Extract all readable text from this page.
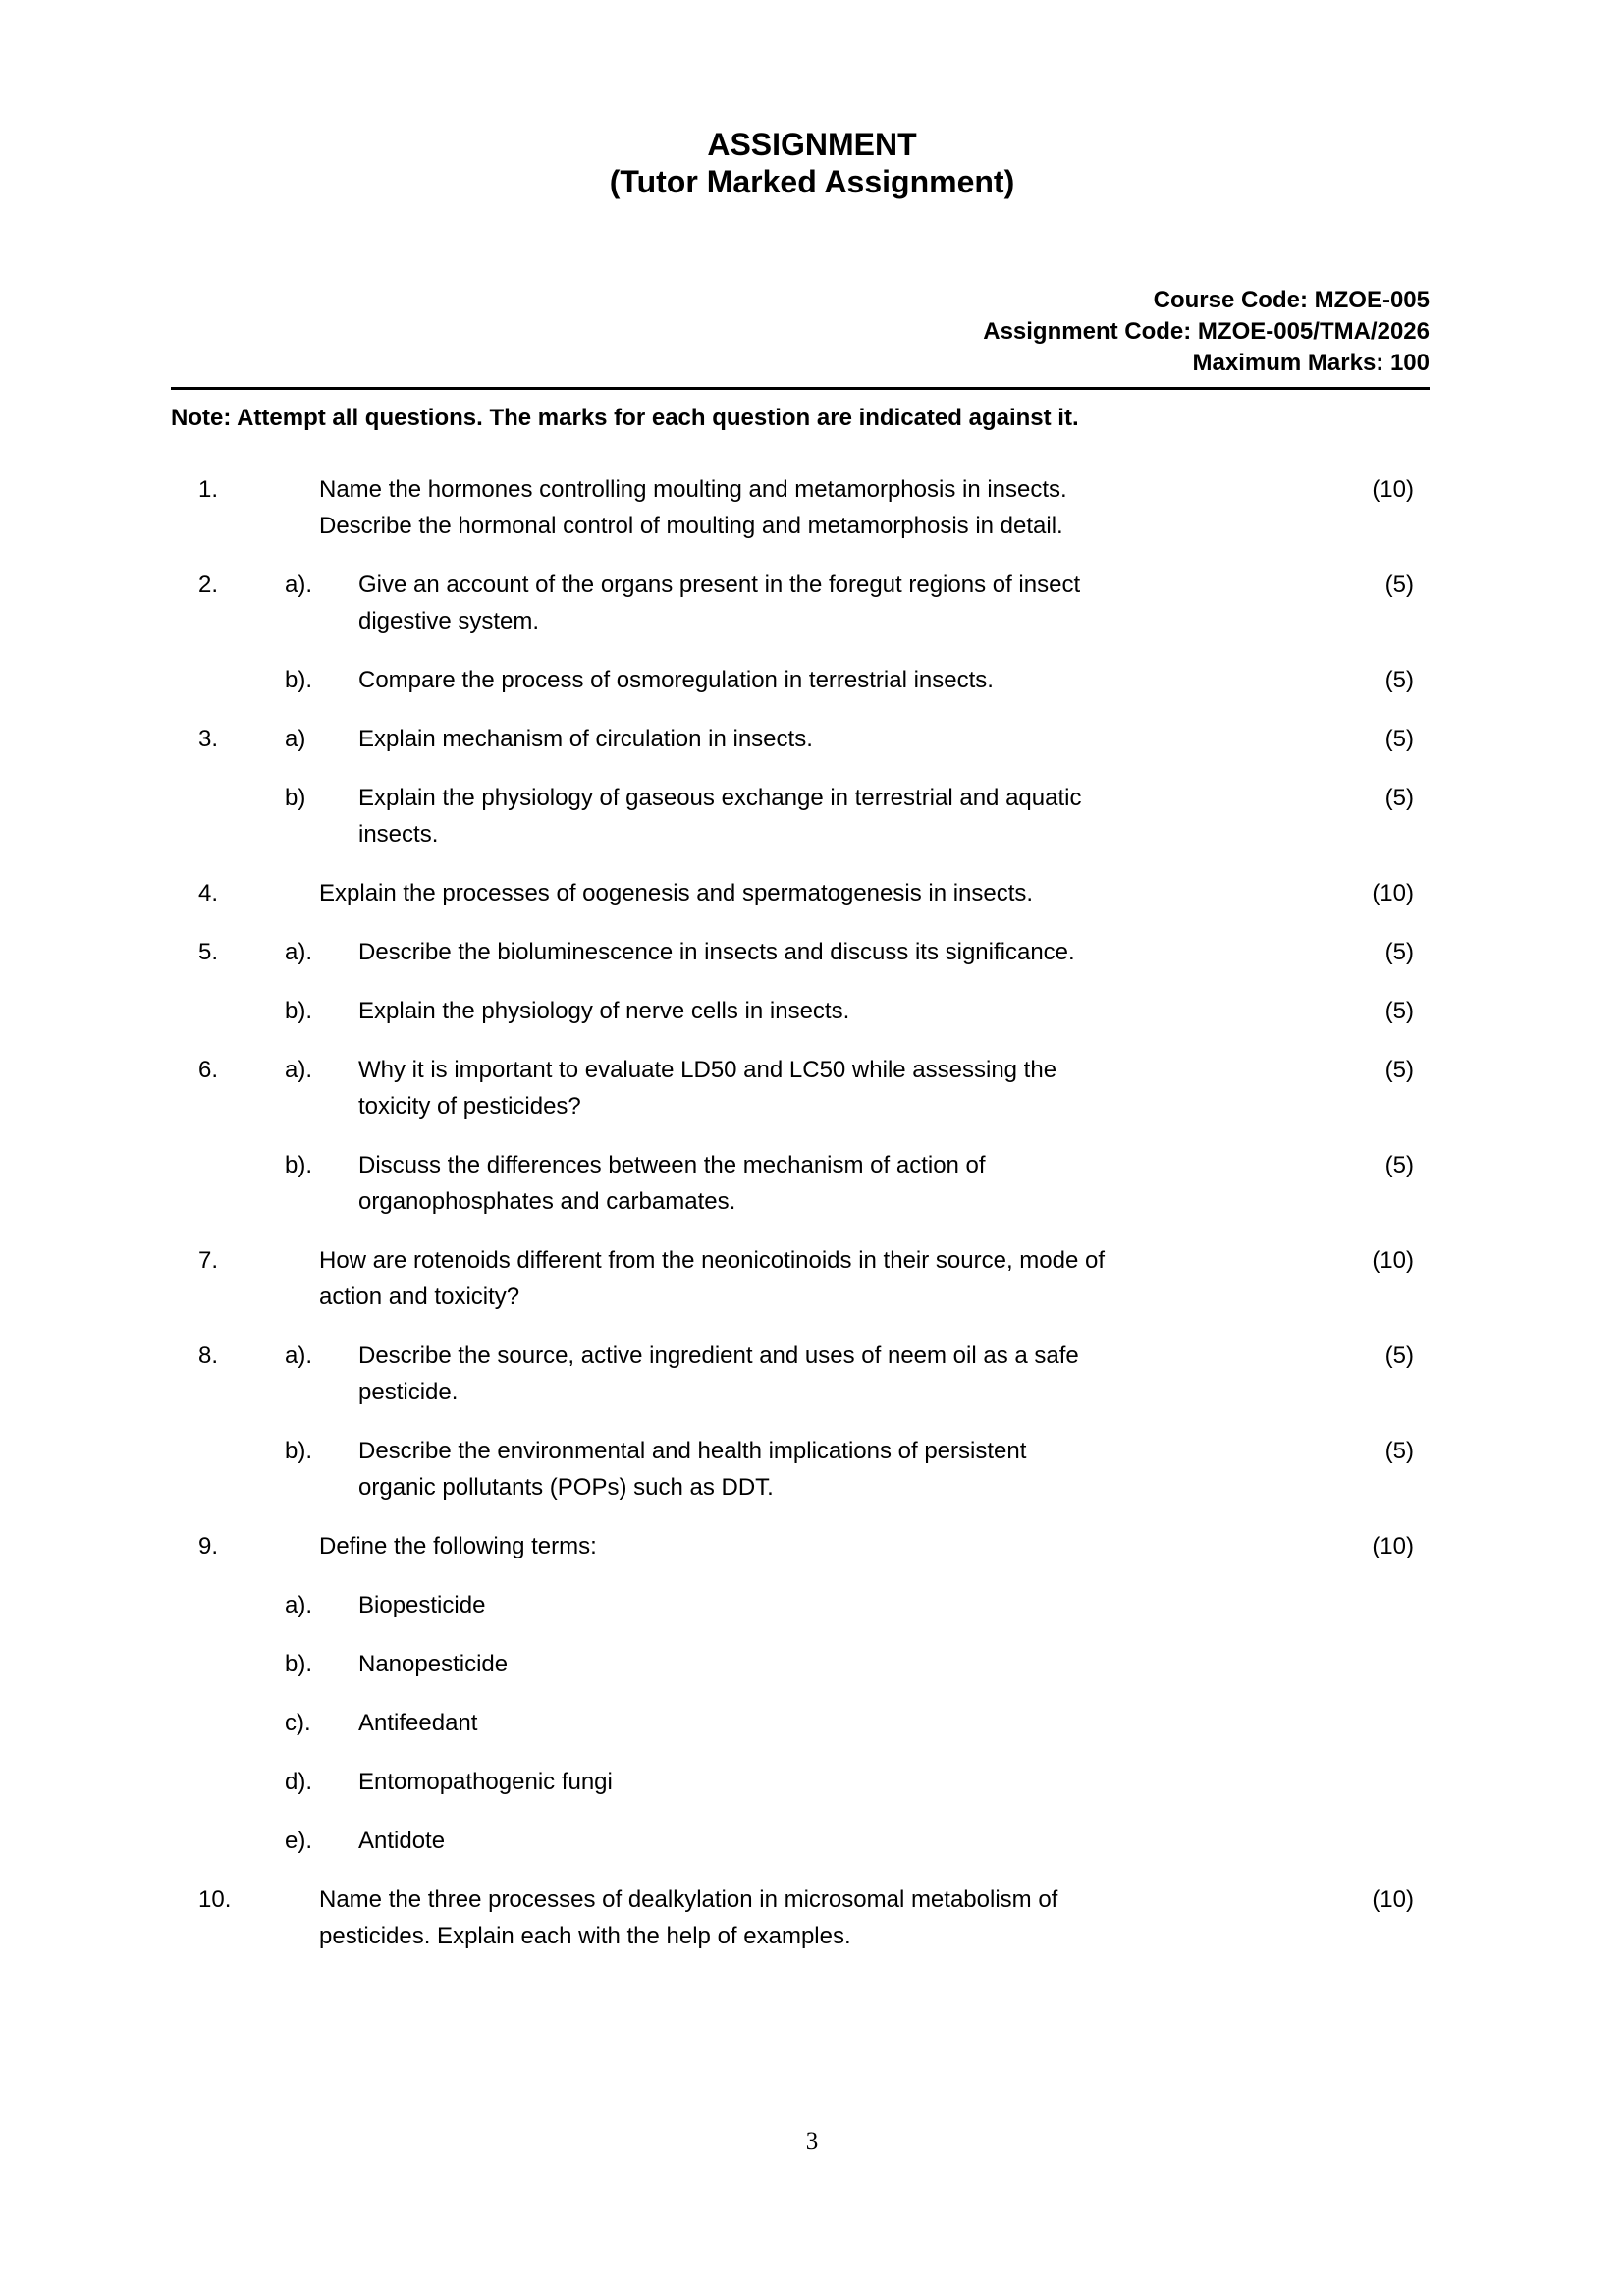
ASSIGNMENT
(Tutor Marked Assignment)
Course Code: MZOE-005
Assignment Code: MZOE-005/TMA/2026
Maximum Marks: 100
Note: Attempt all questions. The marks for each question are indicated against it.
1.	Name the hormones controlling moulting and metamorphosis in insects. Describe the hormonal control of moulting and metamorphosis in detail.
(10)
2.	a).	Give an account of the organs present in the foregut regions of insect digestive system.
(5)
b).	Compare the process of osmoregulation in terrestrial insects.	(5)
3.	a)	Explain mechanism of circulation in insects.	(5)
b)	Explain the physiology of gaseous exchange in terrestrial and aquatic insects.
(5)
4.	Explain the processes of oogenesis and spermatogenesis in insects.	(10)
5.	a).	Describe the bioluminescence in insects and discuss its significance.	(5)
b).	Explain the physiology of nerve cells in insects.	(5)
6.	a).	Why it is important to evaluate LD50 and LC50 while assessing the toxicity of pesticides?
(5)
b).	Discuss the differences between the mechanism of action of organophosphates and carbamates.
(5)
7.	How are rotenoids different from the neonicotinoids in their source, mode of action and toxicity?
(10)
8.	a).	Describe the source, active ingredient and uses of neem oil as a safe pesticide.
(5)
b).	Describe the environmental and health implications of persistent organic pollutants (POPs) such as DDT.
(5)
9.	Define the following terms:	(10)
a).	Biopesticide
b).	Nanopesticide
c).	Antifeedant
d).	Entomopathogenic fungi
e).	Antidote
10.	Name the three processes of dealkylation in microsomal metabolism of pesticides. Explain each with the help of examples.
(10)
3
